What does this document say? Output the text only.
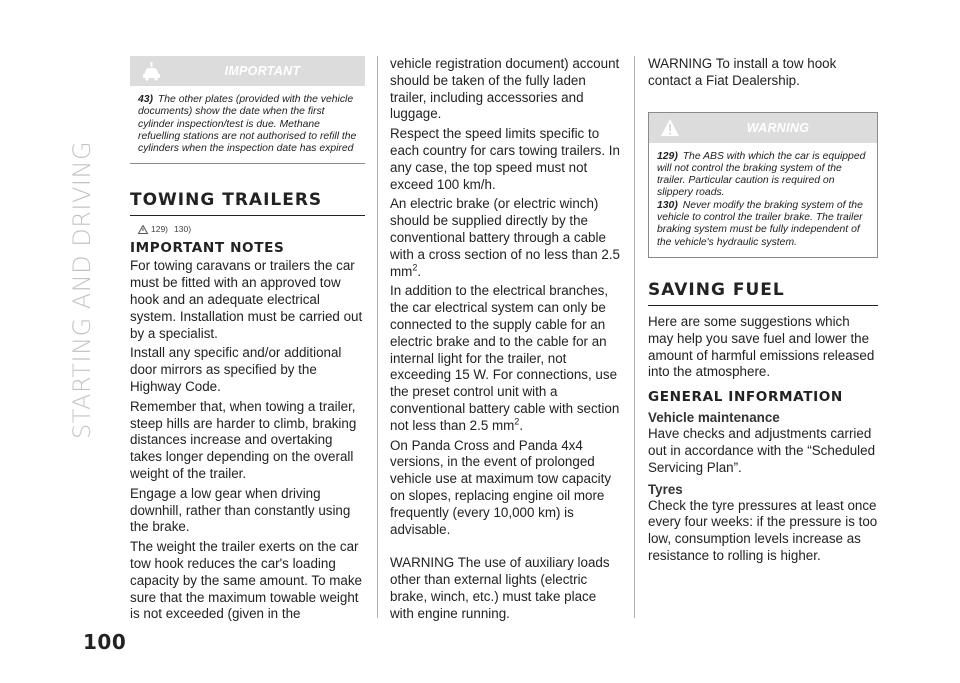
STARTING AND DRIVING
100
IMPORTANT
43) The other plates (provided with the vehicle documents) show the date when the first cylinder inspection/test is due. Methane refuelling stations are not authorised to refill the cylinders when the inspection date has expired
TOWING TRAILERS
129) 130)
IMPORTANT NOTES

For towing caravans or trailers the car must be fitted with an approved tow hook and an adequate electrical system. Installation must be carried out by a specialist.

Install any specific and/or additional door mirrors as specified by the Highway Code.

Remember that, when towing a trailer, steep hills are harder to climb, braking distances increase and overtaking takes longer depending on the overall weight of the trailer.

Engage a low gear when driving downhill, rather than constantly using the brake.

The weight the trailer exerts on the car tow hook reduces the car's loading capacity by the same amount. To make sure that the maximum towable weight is not exceeded (given in the

vehicle registration document) account should be taken of the fully laden trailer, including accessories and luggage.

Respect the speed limits specific to each country for cars towing trailers. In any case, the top speed must not exceed 100 km/h.

An electric brake (or electric winch) should be supplied directly by the conventional battery through a cable with a cross section of no less than 2.5 $mm^2$.

In addition to the electrical branches, the car electrical system can only be connected to the supply cable for an electric brake and to the cable for an internal light for the trailer, not exceeding 15 W. For connections, use the preset control unit with a conventional battery cable with section not less than 2.5 $mm^2$.

On Panda Cross and Panda 4x4 versions, in the event of prolonged vehicle use at maximum tow capacity on slopes, replacing engine oil more frequently (every 10,000 km) is advisable.

WARNING The use of auxiliary loads other than external lights (electric brake, winch, etc.) must take place with engine running.

WARNING To install a tow hook contact a Fiat Dealership.

WARNING
129) The ABS with which the car is equipped will not control the braking system of the trailer. Particular caution is required on slippery roads.
130) Never modify the braking system of the vehicle to control the trailer brake. The trailer braking system must be fully independent of the vehicle's hydraulic system.
SAVING FUEL

Here are some suggestions which may help you save fuel and lower the amount of harmful emissions released into the atmosphere.

GENERAL INFORMATION
Vehicle maintenance

Have checks and adjustments carried out in accordance with the “Scheduled Servicing Plan”.

Tyres

Check the tyre pressures at least once every four weeks: if the pressure is too low, consumption levels increase as resistance to rolling is higher.
